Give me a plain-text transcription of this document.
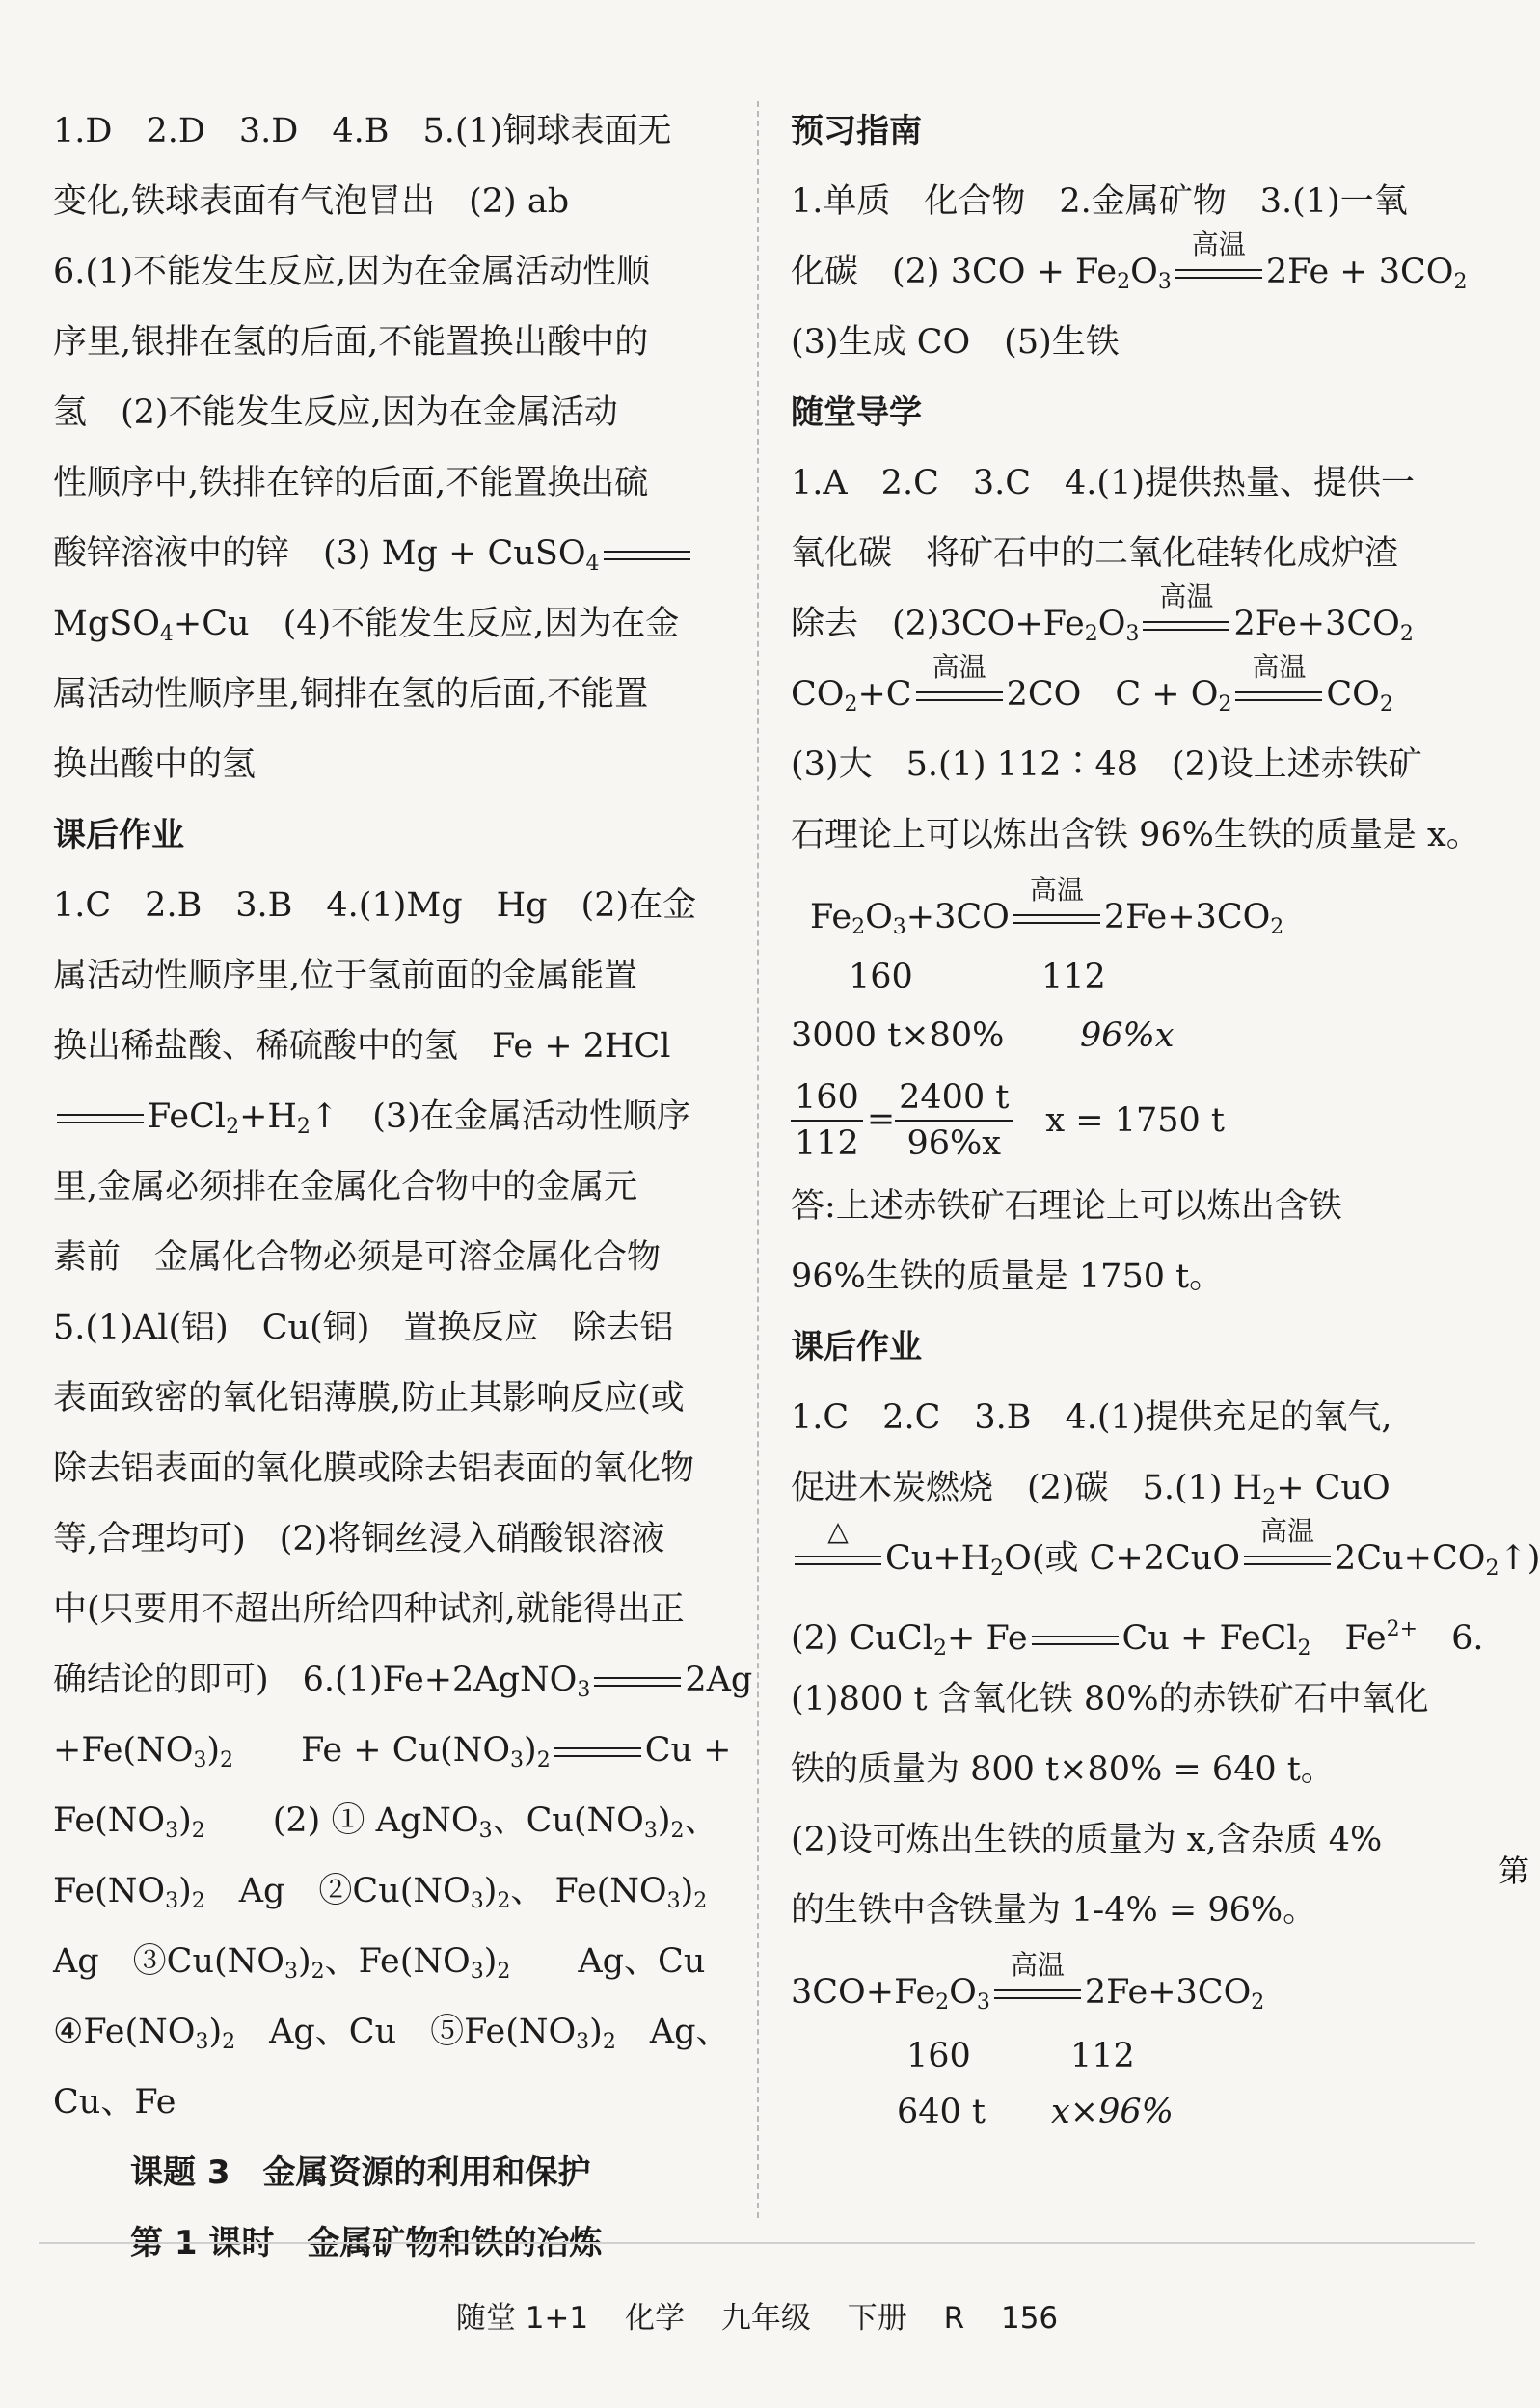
1.D　2.D　3.D　4.B　5.(1)铜球表面无
变化,铁球表面有气泡冒出　(2) ab
6.(1)不能发生反应,因为在金属活动性顺
序里,银排在氢的后面,不能置换出酸中的
氢　(2)不能发生反应,因为在金属活动
性顺序中,铁排在锌的后面,不能置换出硫
酸锌溶液中的锌　(3) Mg + CuSO$_4$
MgSO$_4$+Cu　(4)不能发生反应,因为在金
属活动性顺序里,铜排在氢的后面,不能置
换出酸中的氢
课后作业
1.C　2.B　3.B　4.(1)Mg　Hg　(2)在金
属活动性顺序里,位于氢前面的金属能置
换出稀盐酸、稀硫酸中的氢　Fe + 2HCl
$FeCl_2+H_2↑$　(3)在金属活动性顺序
里,金属必须排在金属化合物中的金属元
素前　金属化合物必须是可溶金属化合物
5.(1)Al(铝)　Cu(铜)　置换反应　除去铝
表面致密的氧化铝薄膜,防止其影响反应(或
除去铝表面的氧化膜或除去铝表面的氧化物
等,合理均可)　(2)将铜丝浸入硝酸银溶液
中(只要用不超出所给四种试剂,就能得出正
确结论的即可)　6.(1)Fe+2AgNO$_3$	2Ag
$+Fe(NO_3)_2$　　 $Fe + Cu(NO_3)_2$	Cu +
$Fe(NO_3)_2$　　 (2) ① AgNO$_3$、$Cu(NO_3)_2$、
$Fe(NO_3)_2$　 Ag　$②Cu(NO_3)_2$、 $Fe(NO_3)_2$
Ag　$③Cu(NO_3)_2$、$Fe(NO_3)_2$　　 Ag、Cu
$④Fe(NO_3)_2$　 Ag、Cu　$⑤Fe(NO_3)_2$　 Ag、
Cu、Fe
课题 3　金属资源的利用和保护
第 1 课时　金属矿物和铁的冶炼
预习指南
1.单质　化合物　2.金属矿物　3.(1)一氧
化碳　(2) $3CO + Fe_2O_3$
高温
$2Fe + 3CO_2$
(3)生成 CO　(5)生铁
随堂导学
1.A　2.C　3.C　4.(1)提供热量、提供一
氧化碳　将矿石中的二氧化硅转化成炉渣
除去　$(2)3CO+Fe_2O_3$
高温
$2Fe+3CO_2$
$CO_2+C$
高温
2CO　$C + O_2$
高温
$CO_2$
(3)大　5.(1) 112∶48　(2)设上述赤铁矿
石理论上可以炼出含铁 96%生铁的质量是 x。
$Fe_2O_3+3CO$
高温
$2Fe+3CO_2$
160	112
3000 t×80% 96%x
$\frac{160}{112} = \frac{2400 t}{96\%x}$ x = 1750 t
答:上述赤铁矿石理论上可以炼出含铁
96%生铁的质量是 1750 t。
课后作业
1.C　2.C　3.B　4.(1)提供充足的氧气,
促进木炭燃烧　(2)碳　5.(1) $H_2+$ CuO
△
$Cu+H_2O$(或 C+2CuO
高温
$2Cu+CO_2↑$)
(2) CuCl$_2$+ Fe	Cu + FeCl$_2$　 $Fe^{2+}$　 6.
(1)800 t 含氧化铁 80%的赤铁矿石中氧化
铁的质量为 800 t×80% = 640 t。
(2)设可炼出生铁的质量为 x,含杂质 4%
的生铁中含铁量为 1-4% = 96%。
$3CO+Fe_2O_3$
高温
$2Fe+3CO_2$
160	112
640 t x×96%
第
随堂 1+1 化学 九年级 下册 R 156
